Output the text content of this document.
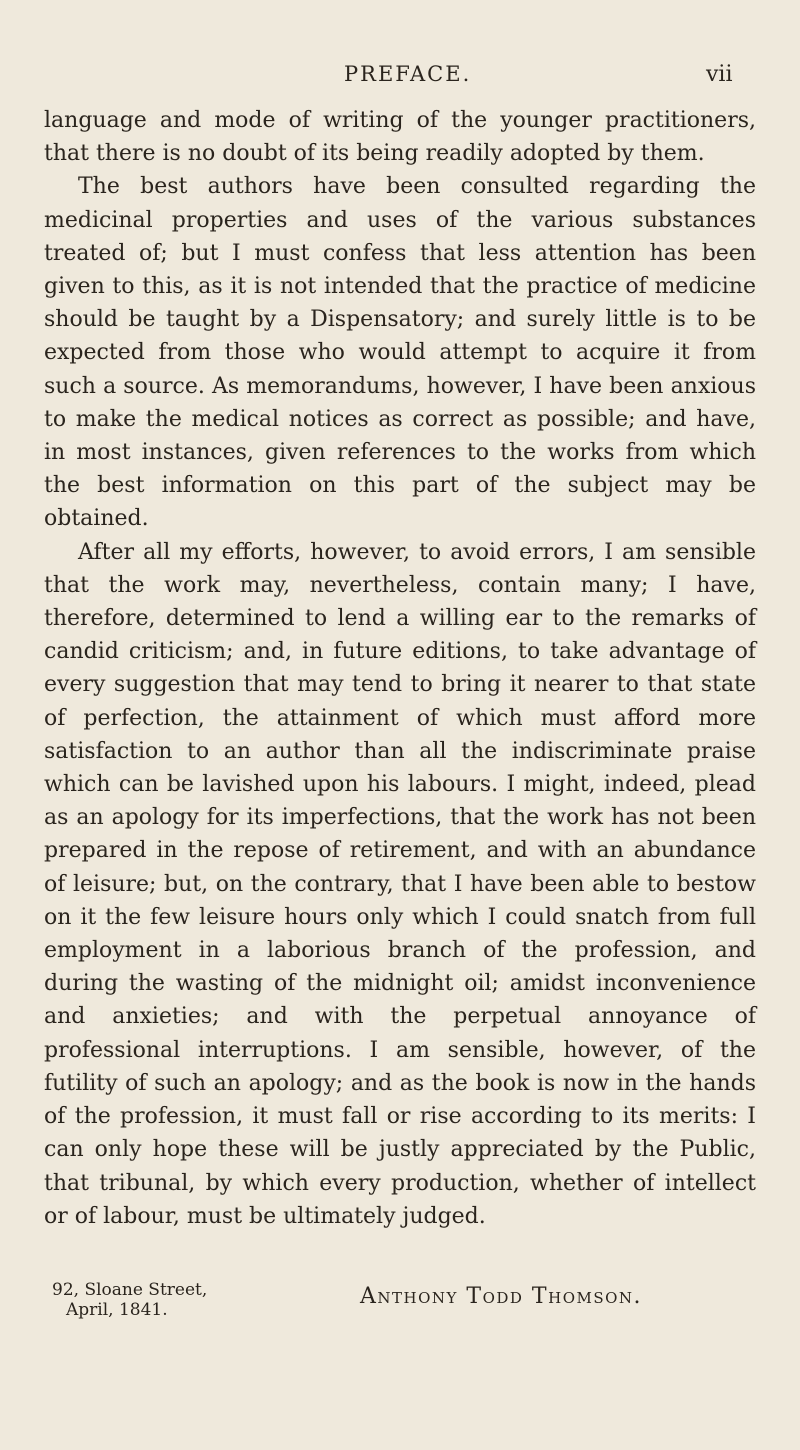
PREFACE.	vii

language and mode of writing of the younger practitioners, that there is no doubt of its being readily adopted by them.

The best authors have been consulted regarding the medicinal properties and uses of the various substances treated of; but I must confess that less attention has been given to this, as it is not intended that the practice of medicine should be taught by a Dispensatory; and surely little is to be expected from those who would attempt to acquire it from such a source. As memorandums, however, I have been anxious to make the medical notices as correct as possible; and have, in most instances, given references to the works from which the best information on this part of the subject may be obtained.

After all my efforts, however, to avoid errors, I am sensible that the work may, nevertheless, contain many; I have, therefore, determined to lend a willing ear to the remarks of candid criticism; and, in future editions, to take advantage of every suggestion that may tend to bring it nearer to that state of perfection, the attainment of which must afford more satisfaction to an author than all the indiscriminate praise which can be lavished upon his labours. I might, indeed, plead as an apology for its imperfections, that the work has not been prepared in the repose of retirement, and with an abundance of leisure; but, on the contrary, that I have been able to bestow on it the few leisure hours only which I could snatch from full employment in a laborious branch of the profession, and during the wasting of the midnight oil; amidst inconvenience and anxieties; and with the perpetual annoyance of professional interruptions. I am sensible, however, of the futility of such an apology; and as the book is now in the hands of the profession, it must fall or rise according to its merits: I can only hope these will be justly appreciated by the Public, that tribunal, by which every production, whether of intellect or of labour, must be ultimately judged.

92, Sloane Street,
April, 1841.
Anthony Todd Thomson.
